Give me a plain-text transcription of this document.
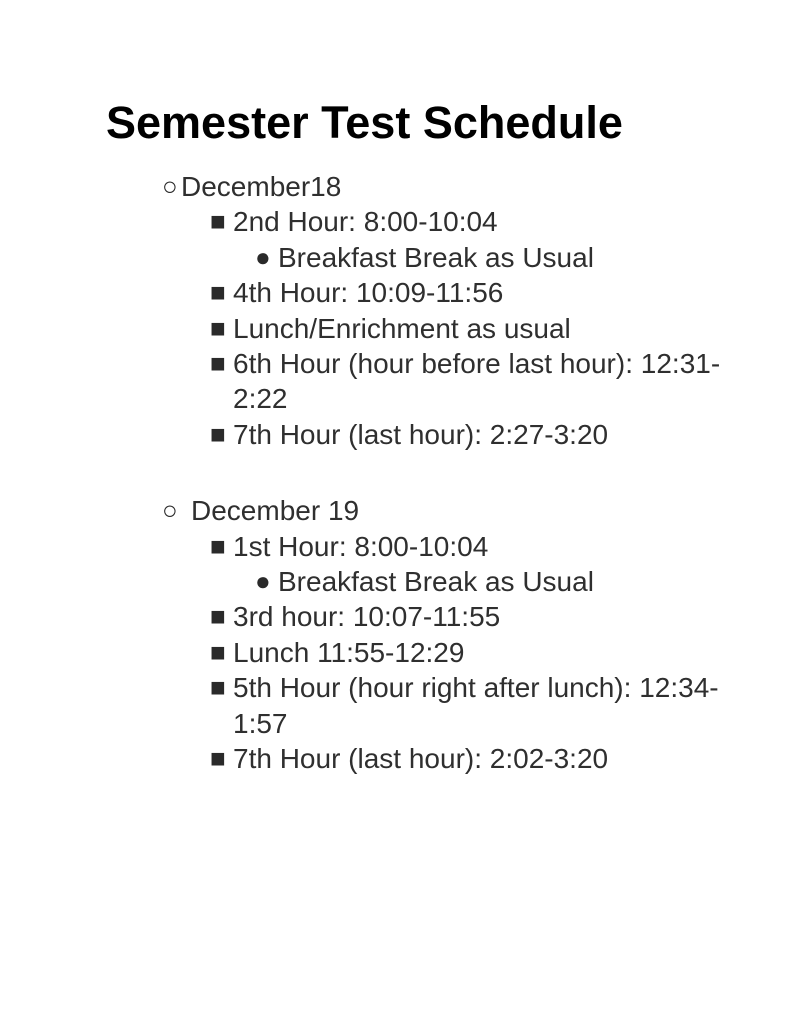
Semester Test Schedule
○ December18
■ 2nd Hour: 8:00-10:04
● Breakfast Break as Usual
■ 4th Hour: 10:09-11:56
■ Lunch/Enrichment as usual
■ 6th Hour (hour before last hour): 12:31-2:22
■ 7th Hour (last hour): 2:27-3:20
○ December 19
■ 1st Hour: 8:00-10:04
● Breakfast Break as Usual
■ 3rd hour: 10:07-11:55
■ Lunch 11:55-12:29
■ 5th Hour (hour right after lunch): 12:34-1:57
■ 7th Hour (last hour): 2:02-3:20
